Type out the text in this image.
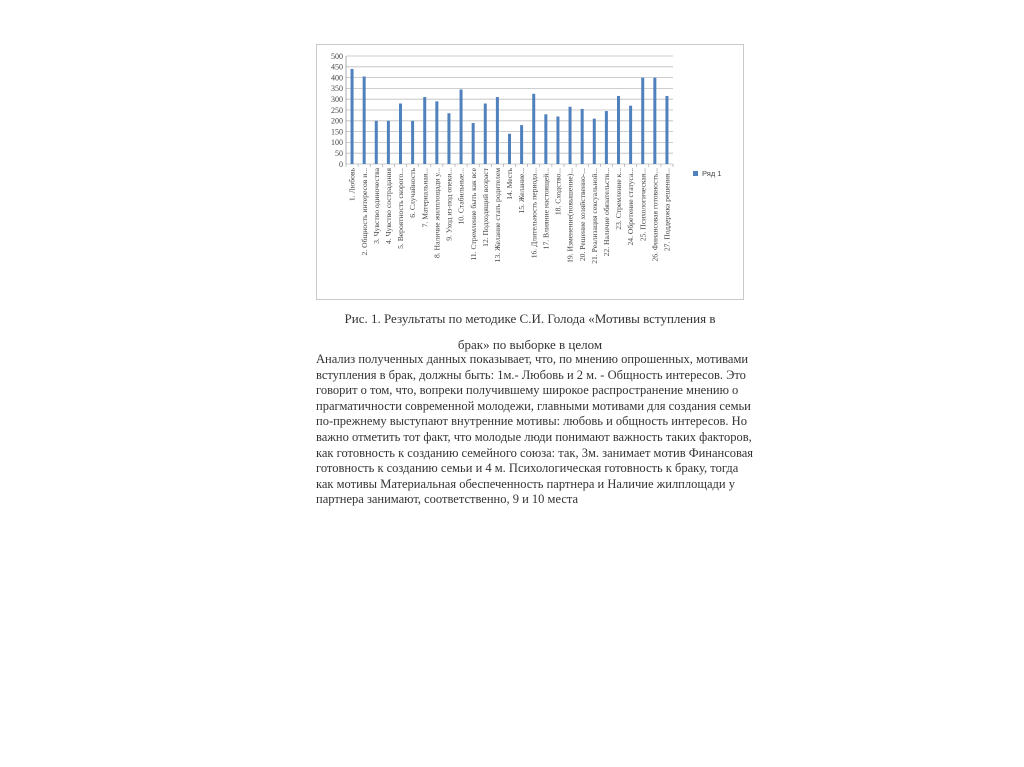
0
50
100
150
200
250
300
350
400
450
500
1. Любовь 2. Общность интересов и... 3. Чувство одиночества 4. Чувство сострадания 5. Вероятность скорого... 6. Случайность 7. Материальная... 8. Наличие жилплощади у... 9. Уход из-под опеки... 10. Стабильные... 11. Стремление быть как все 12. Подходящий возраст 13. Желание стать родителем 14. Месть 15. Желание... 16. Длительность периода... 17. Влияние настоящей... 18. Сходство... 19. Изменение(повышение)... 20. Решение хозяйственно-... 21. Реализация сексуальной... 22. Наличие обязательств... 23. Стремление к... 24. Обретение статуса... 25. Психологическая... 26. Финансовая готовность... 27. Поддержка решения...	Ряд 1
Рис. 1. Результаты по методике С.И. Голода «Мотивы вступления в
брак» по выборке в целом
Анализ полученных данных показывает, что, по мнению опрошенных, мотивами вступления в брак, должны быть: 1м.- Любовь и 2 м. - Общность интересов. Это говорит о том, что, вопреки получившему широкое распространение мнению о прагматичности современной молодежи, главными мотивами для создания семьи по-прежнему выступают внутренние мотивы: любовь и общность интересов. Но важно отметить тот факт, что молодые люди понимают важность таких факторов, как готовность к созданию семейного союза: так, 3м. занимает мотив Финансовая готовность к созданию семьи и 4 м. Психологическая готовность к браку, тогда как мотивы Материальная обеспеченность партнера и Наличие жилплощади у партнера занимают, соответственно, 9 и 10 места
